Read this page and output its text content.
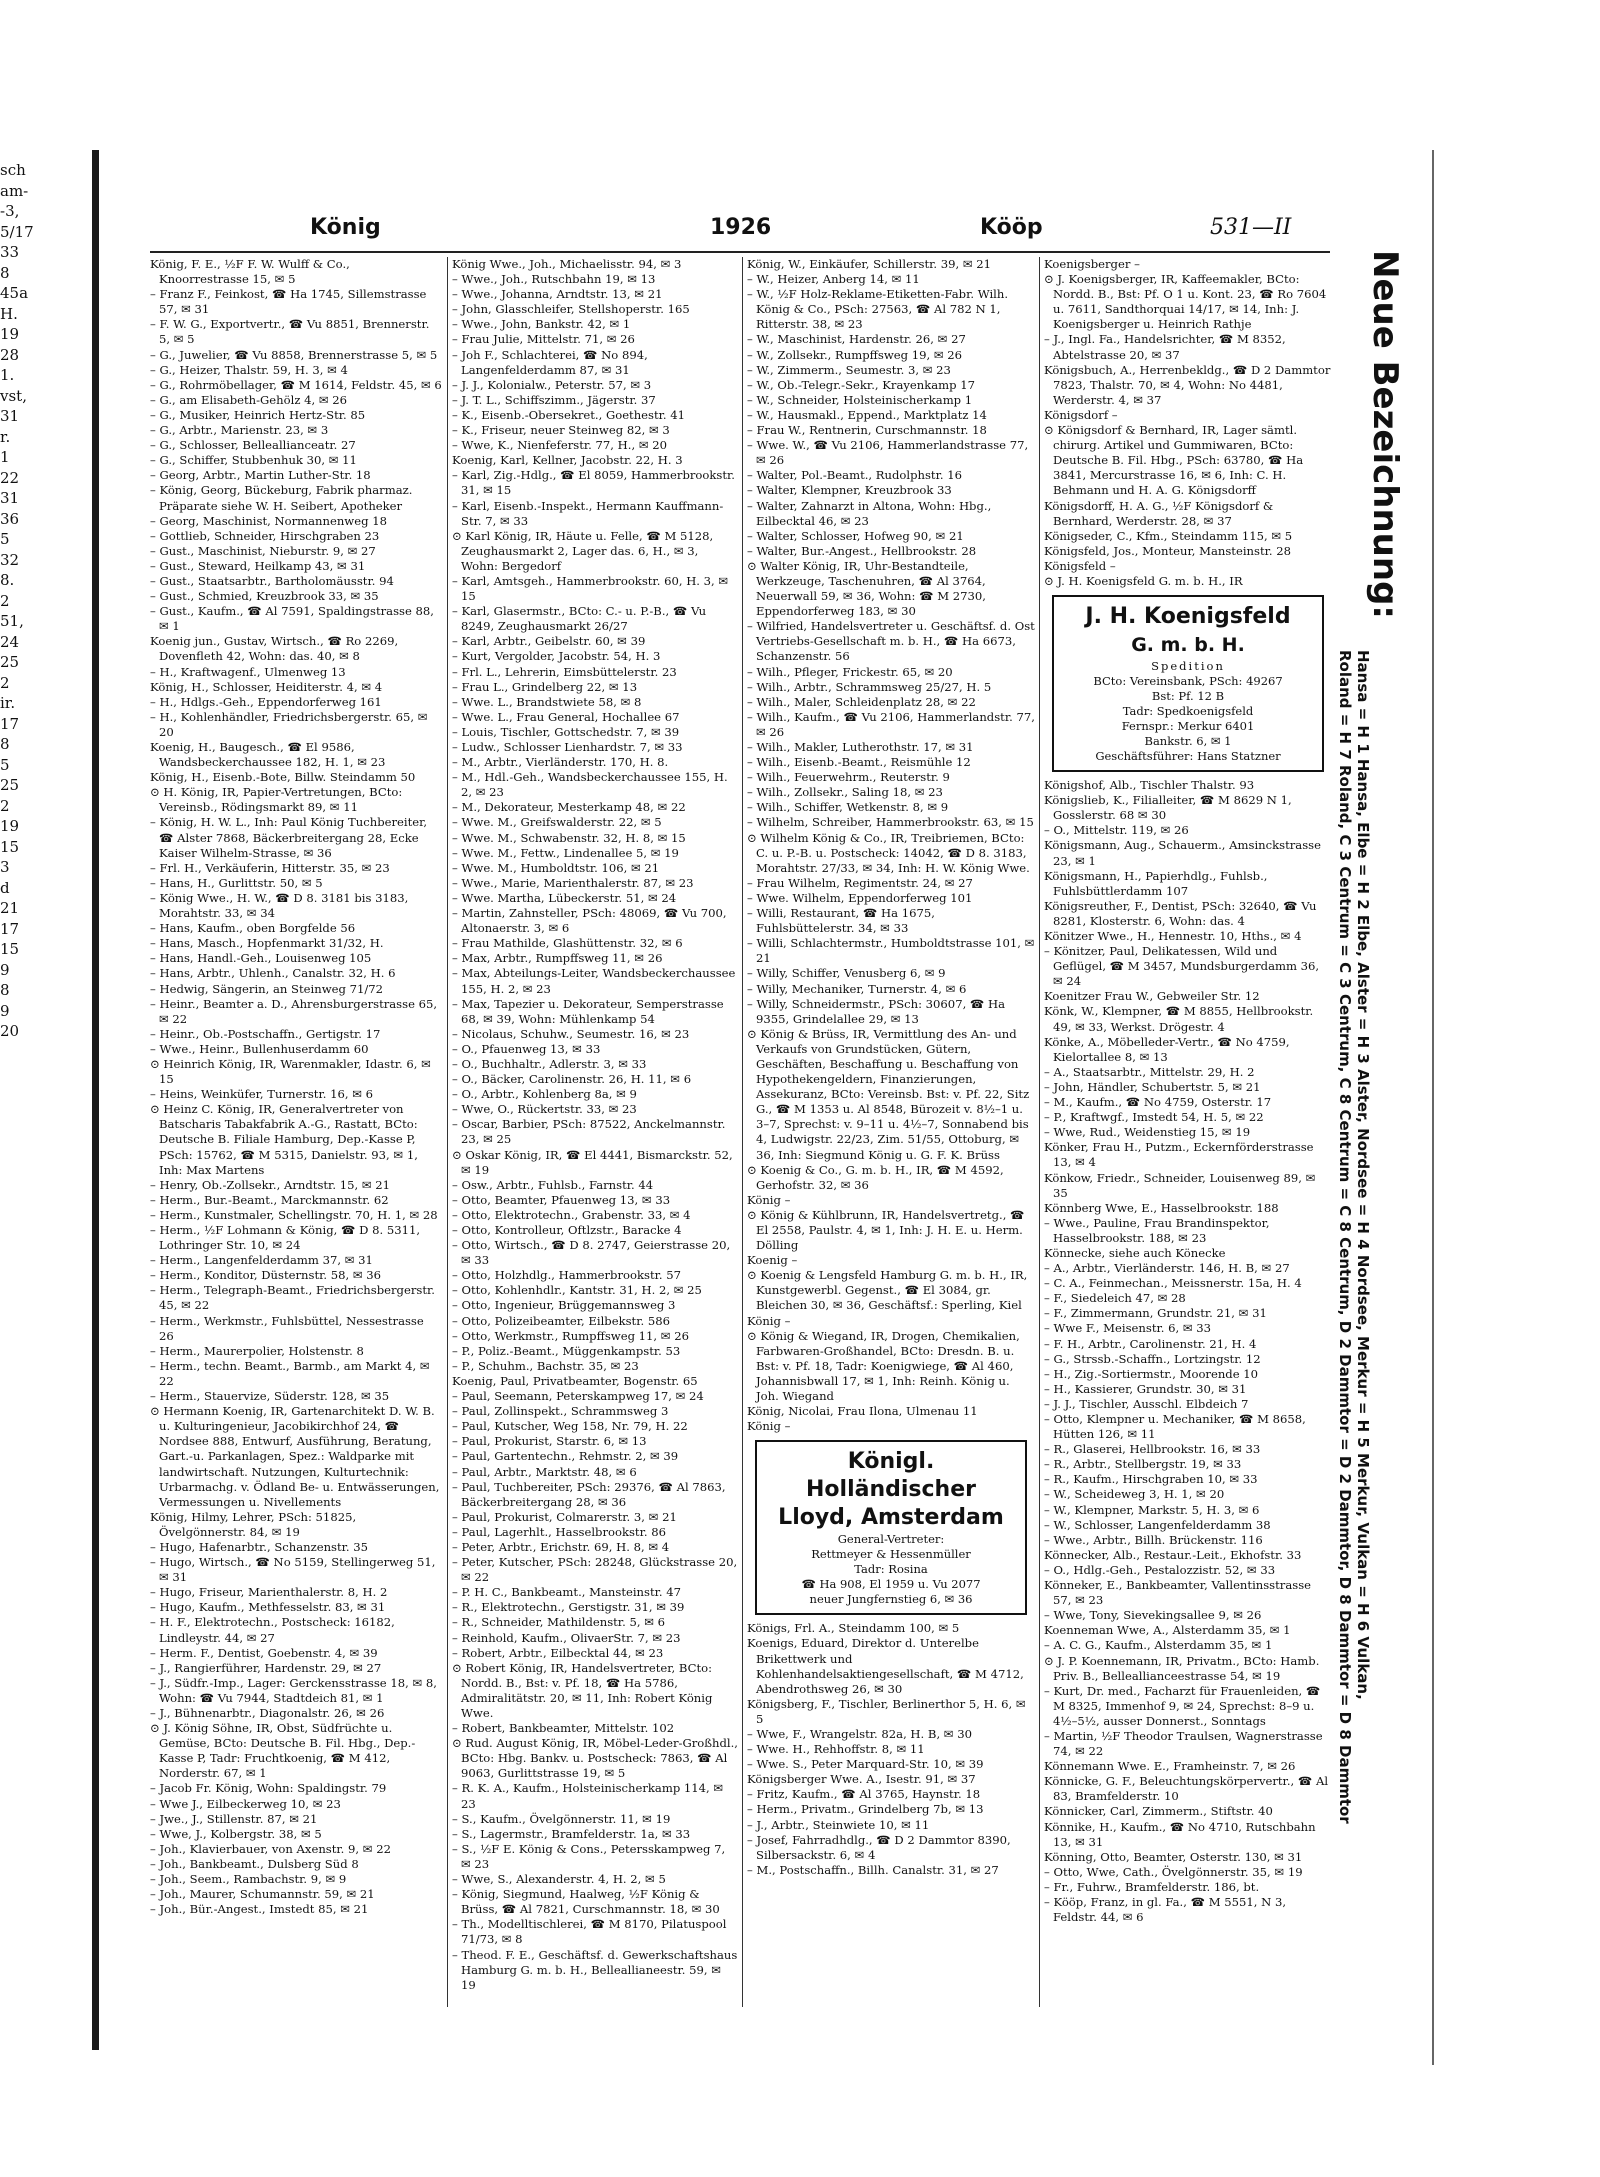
sch
am-
-3,
5/17
33
8
45a
H.
19
28
1.
vst,
31
r.
1
22
31
36
5
32
8.
2
51,
24
25
2
ir.
17
8
5
25
2
19
15
3
d
21
17
15
9
8
9
20
König	1926	Kööp	531—II

König, F. E., ½F F. W. Wulff & Co., Knoorrestrasse 15, ✉ 5

– Franz F., Feinkost, ☎ Ha 1745, Sillemstrasse 57, ✉ 31

– F. W. G., Exportvertr., ☎ Vu 8851, Brennerstr. 5, ✉ 5

– G., Juwelier, ☎ Vu 8858, Brennerstrasse 5, ✉ 5

– G., Heizer, Thalstr. 59, H. 3, ✉ 4

– G., Rohrmöbellager, ☎ M 1614, Feldstr. 45, ✉ 6

– G., am Elisabeth-Gehölz 4, ✉ 26

– G., Musiker, Heinrich Hertz-Str. 85

– G., Arbtr., Marienstr. 23, ✉ 3

– G., Schlosser, Belleallianceatr. 27

– G., Schiffer, Stubbenhuk 30, ✉ 11

– Georg, Arbtr., Martin Luther-Str. 18

– König, Georg, Bückeburg, Fabrik pharmaz. Präparate siehe W. H. Seibert, Apotheker

– Georg, Maschinist, Normannenweg 18

– Gottlieb, Schneider, Hirschgraben 23

– Gust., Maschinist, Nieburstr. 9, ✉ 27

– Gust., Steward, Heilkamp 43, ✉ 31

– Gust., Staatsarbtr., Bartholomäusstr. 94

– Gust., Schmied, Kreuzbrook 33, ✉ 35

– Gust., Kaufm., ☎ Al 7591, Spaldingstrasse 88, ✉ 1

Koenig jun., Gustav, Wirtsch., ☎ Ro 2269, Dovenfleth 42, Wohn: das. 40, ✉ 8

– H., Kraftwagenf., Ulmenweg 13

König, H., Schlosser, Heiditerstr. 4, ✉ 4

– H., Hdlgs.-Geh., Eppendorferweg 161

– H., Kohlenhändler, Friedrichsbergerstr. 65, ✉ 20

Koenig, H., Baugesch., ☎ El 9586, Wandsbeckerchaussee 182, H. 1, ✉ 23

König, H., Eisenb.-Bote, Billw. Steindamm 50

⊙ H. König, IR, Papier-Vertretungen, BCto: Vereinsb., Rödingsmarkt 89, ✉ 11

– König, H. W. L., Inh: Paul König Tuchbereiter, ☎ Alster 7868, Bäckerbreitergang 28, Ecke Kaiser Wilhelm-Strasse, ✉ 36

– Frl. H., Verkäuferin, Hitterstr. 35, ✉ 23

– Hans, H., Gurlittstr. 50, ✉ 5

– König Wwe., H. W., ☎ D 8. 3181 bis 3183, Morahtstr. 33, ✉ 34

– Hans, Kaufm., oben Borgfelde 56

– Hans, Masch., Hopfenmarkt 31/32, H.

– Hans, Handl.-Geh., Louisenweg 105

– Hans, Arbtr., Uhlenh., Canalstr. 32, H. 6

– Hedwig, Sängerin, an Steinweg 71/72

– Heinr., Beamter a. D., Ahrensburgerstrasse 65, ✉ 22

– Heinr., Ob.-Postschaffn., Gertigstr. 17

– Wwe., Heinr., Bullenhuserdamm 60

⊙ Heinrich König, IR, Warenmakler, Idastr. 6, ✉ 15

– Heins, Weinküfer, Turnerstr. 16, ✉ 6

⊙ Heinz C. König, IR, Generalvertreter von Batscharis Tabakfabrik A.-G., Rastatt, BCto: Deutsche B. Filiale Hamburg, Dep.-Kasse P, PSch: 15762, ☎ M 5315, Danielstr. 93, ✉ 1, Inh: Max Martens

– Henry, Ob.-Zollsekr., Arndtstr. 15, ✉ 21

– Herm., Bur.-Beamt., Marckmannstr. 62

– Herm., Kunstmaler, Schellingstr. 70, H. 1, ✉ 28

– Herm., ½F Lohmann & König, ☎ D 8. 5311, Lothringer Str. 10, ✉ 24

– Herm., Langenfelderdamm 37, ✉ 31

– Herm., Konditor, Düsternstr. 58, ✉ 36

– Herm., Telegraph-Beamt., Friedrichsbergerstr. 45, ✉ 22

– Herm., Werkmstr., Fuhlsbüttel, Nessestrasse 26

– Herm., Maurerpolier, Holstenstr. 8

– Herm., techn. Beamt., Barmb., am Markt 4, ✉ 22

– Herm., Stauervize, Süderstr. 128, ✉ 35

⊙ Hermann Koenig, IR, Gartenarchitekt D. W. B. u. Kulturingenieur, Jacobikirchhof 24, ☎ Nordsee 888, Entwurf, Ausführung, Beratung, Gart.-u. Parkanlagen, Spez.: Waldparke mit landwirtschaft. Nutzungen, Kulturtechnik: Urbarmachg. v. Ödland Be- u. Entwässerungen, Vermessungen u. Nivellements

König, Hilmy, Lehrer, PSch: 51825, Övelgönnerstr. 84, ✉ 19

– Hugo, Hafenarbtr., Schanzenstr. 35

– Hugo, Wirtsch., ☎ No 5159, Stellingerweg 51, ✉ 31

– Hugo, Friseur, Marienthalerstr. 8, H. 2

– Hugo, Kaufm., Methfesselstr. 83, ✉ 31

– H. F., Elektrotechn., Postscheck: 16182, Lindleystr. 44, ✉ 27

– Herm. F., Dentist, Goebenstr. 4, ✉ 39

– J., Rangierführer, Hardenstr. 29, ✉ 27

– J., Südfr.-Imp., Lager: Gerckensstrasse 18, ✉ 8, Wohn: ☎ Vu 7944, Stadtdeich 81, ✉ 1

– J., Bühnenarbtr., Diagonalstr. 26, ✉ 26

⊙ J. König Söhne, IR, Obst, Südfrüchte u. Gemüse, BCto: Deutsche B. Fil. Hbg., Dep.-Kasse P, Tadr: Fruchtkoenig, ☎ M 412, Norderstr. 67, ✉ 1

– Jacob Fr. König, Wohn: Spaldingstr. 79

– Wwe J., Eilbeckerweg 10, ✉ 23

– Jwe., J., Stillenstr. 87, ✉ 21

– Wwe, J., Kolbergstr. 38, ✉ 5

– Joh., Klavierbauer, von Axenstr. 9, ✉ 22

– Joh., Bankbeamt., Dulsberg Süd 8

– Joh., Seem., Rambachstr. 9, ✉ 9

– Joh., Maurer, Schumannstr. 59, ✉ 21

– Joh., Bür.-Angest., Imstedt 85, ✉ 21

König Wwe., Joh., Michaelisstr. 94, ✉ 3

– Wwe., Joh., Rutschbahn 19, ✉ 13

– Wwe., Johanna, Arndtstr. 13, ✉ 21

– John, Glasschleifer, Stellshoperstr. 165

– Wwe., John, Bankstr. 42, ✉ 1

– Frau Julie, Mittelstr. 71, ✉ 26

– Joh F., Schlachterei, ☎ No 894, Langenfelderdamm 87, ✉ 31

– J. J., Kolonialw., Peterstr. 57, ✉ 3

– J. T. L., Schiffszimm., Jägerstr. 37

– K., Eisenb.-Obersekret., Goethestr. 41

– K., Friseur, neuer Steinweg 82, ✉ 3

– Wwe, K., Nienfeferstr. 77, H., ✉ 20

Koenig, Karl, Kellner, Jacobstr. 22, H. 3

– Karl, Zig.-Hdlg., ☎ El 8059, Hammerbrookstr. 31, ✉ 15

– Karl, Eisenb.-Inspekt., Hermann Kauffmann-Str. 7, ✉ 33

⊙ Karl König, IR, Häute u. Felle, ☎ M 5128, Zeughausmarkt 2, Lager das. 6, H., ✉ 3, Wohn: Bergedorf

– Karl, Amtsgeh., Hammerbrookstr. 60, H. 3, ✉ 15

– Karl, Glasermstr., BCto: C.- u. P.-B., ☎ Vu 8249, Zeughausmarkt 26/27

– Karl, Arbtr., Geibelstr. 60, ✉ 39

– Kurt, Vergolder, Jacobstr. 54, H. 3

– Frl. L., Lehrerin, Eimsbüttelerstr. 23

– Frau L., Grindelberg 22, ✉ 13

– Wwe. L., Brandstwiete 58, ✉ 8

– Wwe. L., Frau General, Hochallee 67

– Louis, Tischler, Gottschedstr. 7, ✉ 39

– Ludw., Schlosser Lienhardstr. 7, ✉ 33

– M., Arbtr., Vierländerstr. 170, H. 8.

– M., Hdl.-Geh., Wandsbeckerchaussee 155, H. 2, ✉ 23

– M., Dekorateur, Mesterkamp 48, ✉ 22

– Wwe. M., Greifswalderstr. 22, ✉ 5

– Wwe. M., Schwabenstr. 32, H. 8, ✉ 15

– Wwe. M., Fettw., Lindenallee 5, ✉ 19

– Wwe. M., Humboldtstr. 106, ✉ 21

– Wwe., Marie, Marienthalerstr. 87, ✉ 23

– Wwe. Martha, Lübeckerstr. 51, ✉ 24

– Martin, Zahnsteller, PSch: 48069, ☎ Vu 700, Altonaerstr. 3, ✉ 6

– Frau Mathilde, Glashüttenstr. 32, ✉ 6

– Max, Arbtr., Rumpffsweg 11, ✉ 26

– Max, Abteilungs-Leiter, Wandsbeckerchaussee 155, H. 2, ✉ 23

– Max, Tapezier u. Dekorateur, Semperstrasse 68, ✉ 39, Wohn: Mühlenkamp 54

– Nicolaus, Schuhw., Seumestr. 16, ✉ 23

– O., Pfauenweg 13, ✉ 33

– O., Buchhaltr., Adlerstr. 3, ✉ 33

– O., Bäcker, Carolinenstr. 26, H. 11, ✉ 6

– O., Arbtr., Kohlenberg 8a, ✉ 9

– Wwe, O., Rückertstr. 33, ✉ 23

– Oscar, Barbier, PSch: 87522, Anckelmannstr. 23, ✉ 25

⊙ Oskar König, IR, ☎ El 4441, Bismarckstr. 52, ✉ 19

– Osw., Arbtr., Fuhlsb., Farnstr. 44

– Otto, Beamter, Pfauenweg 13, ✉ 33

– Otto, Elektrotechn., Grabenstr. 33, ✉ 4

– Otto, Kontrolleur, Oftlzstr., Baracke 4

– Otto, Wirtsch., ☎ D 8. 2747, Geierstrasse 20, ✉ 33

– Otto, Holzhdlg., Hammerbrookstr. 57

– Otto, Kohlenhdlr., Kantstr. 31, H. 2, ✉ 25

– Otto, Ingenieur, Brüggemannsweg 3

– Otto, Polizeibeamter, Eilbekstr. 586

– Otto, Werkmstr., Rumpffsweg 11, ✉ 26

– P., Poliz.-Beamt., Müggenkampstr. 53

– P., Schuhm., Bachstr. 35, ✉ 23

Koenig, Paul, Privatbeamter, Bogenstr. 65

– Paul, Seemann, Peterskampweg 17, ✉ 24

– Paul, Zollinspekt., Schrammsweg 3

– Paul, Kutscher, Weg 158, Nr. 79, H. 22

– Paul, Prokurist, Starstr. 6, ✉ 13

– Paul, Gartentechn., Rehmstr. 2, ✉ 39

– Paul, Arbtr., Marktstr. 48, ✉ 6

– Paul, Tuchbereiter, PSch: 29376, ☎ Al 7863, Bäckerbreitergang 28, ✉ 36

– Paul, Prokurist, Colmarerstr. 3, ✉ 21

– Paul, Lagerhlt., Hasselbrookstr. 86

– Peter, Arbtr., Erichstr. 69, H. 8, ✉ 4

– Peter, Kutscher, PSch: 28248, Glückstrasse 20, ✉ 22

– P. H. C., Bankbeamt., Mansteinstr. 47

– R., Elektrotechn., Gerstigstr. 31, ✉ 39

– R., Schneider, Mathildenstr. 5, ✉ 6

– Reinhold, Kaufm., OlivaerStr. 7, ✉ 23

– Robert, Arbtr., Eilbecktal 44, ✉ 23

⊙ Robert König, IR, Handelsvertreter, BCto: Nordd. B., Bst: v. Pf. 18, ☎ Ha 5786, Admiralitätstr. 20, ✉ 11, Inh: Robert König Wwe.

– Robert, Bankbeamter, Mittelstr. 102

⊙ Rud. August König, IR, Möbel-Leder-Großhdl., BCto: Hbg. Bankv. u. Postscheck: 7863, ☎ Al 9063, Gurlittstrasse 19, ✉ 5

– R. K. A., Kaufm., Holsteinischerkamp 114, ✉ 23

– S., Kaufm., Övelgönnerstr. 11, ✉ 19

– S., Lagermstr., Bramfelderstr. 1a, ✉ 33

– S., ½F E. König & Cons., Petersskampweg 7, ✉ 23

– Wwe, S., Alexanderstr. 4, H. 2, ✉ 5

– König, Siegmund, Haalweg, ½F König & Brüss, ☎ Al 7821, Curschmannstr. 18, ✉ 30

– Th., Modelltischlerei, ☎ M 8170, Pilatuspool 71/73, ✉ 8

– Theod. F. E., Geschäftsf. d. Gewerkschaftshaus Hamburg G. m. b. H., Belleallianeestr. 59, ✉ 19

König, W., Einkäufer, Schillerstr. 39, ✉ 21

– W., Heizer, Anberg 14, ✉ 11

– W., ½F Holz-Reklame-Etiketten-Fabr. Wilh. König & Co., PSch: 27563, ☎ Al 782 N 1, Ritterstr. 38, ✉ 23

– W., Maschinist, Hardenstr. 26, ✉ 27

– W., Zollsekr., Rumpffsweg 19, ✉ 26

– W., Zimmerm., Seumestr. 3, ✉ 23

– W., Ob.-Telegr.-Sekr., Krayenkamp 17

– W., Schneider, Holsteinischerkamp 1

– W., Hausmakl., Eppend., Marktplatz 14

– Frau W., Rentnerin, Curschmannstr. 18

– Wwe. W., ☎ Vu 2106, Hammerlandstrasse 77, ✉ 26

– Walter, Pol.-Beamt., Rudolphstr. 16

– Walter, Klempner, Kreuzbrook 33

– Walter, Zahnarzt in Altona, Wohn: Hbg., Eilbecktal 46, ✉ 23

– Walter, Schlosser, Hofweg 90, ✉ 21

– Walter, Bur.-Angest., Hellbrookstr. 28

⊙ Walter König, IR, Uhr-Bestandteile, Werkzeuge, Taschenuhren, ☎ Al 3764, Neuerwall 59, ✉ 36, Wohn: ☎ M 2730, Eppendorferweg 183, ✉ 30

– Wilfried, Handelsvertreter u. Geschäftsf. d. Ost Vertriebs-Gesellschaft m. b. H., ☎ Ha 6673, Schanzenstr. 56

– Wilh., Pfleger, Frickestr. 65, ✉ 20

– Wilh., Arbtr., Schrammsweg 25/27, H. 5

– Wilh., Maler, Schleidenplatz 28, ✉ 22

– Wilh., Kaufm., ☎ Vu 2106, Hammerlandstr. 77, ✉ 26

– Wilh., Makler, Lutherothstr. 17, ✉ 31

– Wilh., Eisenb.-Beamt., Reismühle 12

– Wilh., Feuerwehrm., Reuterstr. 9

– Wilh., Zollsekr., Saling 18, ✉ 23

– Wilh., Schiffer, Wetkenstr. 8, ✉ 9

– Wilhelm, Schreiber, Hammerbrookstr. 63, ✉ 15

⊙ Wilhelm König & Co., IR, Treibriemen, BCto: C. u. P.-B. u. Postscheck: 14042, ☎ D 8. 3183, Morahtstr. 27/33, ✉ 34, Inh: H. W. König Wwe.

– Frau Wilhelm, Regimentstr. 24, ✉ 27

– Wwe. Wilhelm, Eppendorferweg 101

– Willi, Restaurant, ☎ Ha 1675, Fuhlsbüttelerstr. 34, ✉ 33

– Willi, Schlachtermstr., Humboldtstrasse 101, ✉ 21

– Willy, Schiffer, Venusberg 6, ✉ 9

– Willy, Mechaniker, Turnerstr. 4, ✉ 6

– Willy, Schneidermstr., PSch: 30607, ☎ Ha 9355, Grindelallee 29, ✉ 13

⊙ König & Brüss, IR, Vermittlung des An- und Verkaufs von Grundstücken, Gütern, Geschäften, Beschaffung u. Beschaffung von Hypothekengeldern, Finanzierungen, Assekuranz, BCto: Vereinsb. Bst: v. Pf. 22, Sitz G., ☎ M 1353 u. Al 8548, Bürozeit v. 8½–1 u. 3–7, Sprechst: v. 9–11 u. 4½–7, Sonnabend bis 4, Ludwigstr. 22/23, Zim. 51/55, Ottoburg, ✉ 36, Inh: Siegmund König u. G. F. K. Brüss

⊙ Koenig & Co., G. m. b. H., IR, ☎ M 4592, Gerhofstr. 32, ✉ 36

König –

⊙ König & Kühlbrunn, IR, Handelsvertretg., ☎ El 2558, Paulstr. 4, ✉ 1, Inh: J. H. E. u. Herm. Dölling

Koenig –

⊙ Koenig & Lengsfeld Hamburg G. m. b. H., IR, Kunstgewerbl. Gegenst., ☎ El 3084, gr. Bleichen 30, ✉ 36, Geschäftsf.: Sperling, Kiel

König –

⊙ König & Wiegand, IR, Drogen, Chemikalien, Farbwaren-Großhandel, BCto: Dresdn. B. u. Bst: v. Pf. 18, Tadr: Koenigwiege, ☎ Al 460, Johannisbwall 17, ✉ 1, Inh: Reinh. König u. Joh. Wiegand

König, Nicolai, Frau Ilona, Ulmenau 11

König –

Königl. Holländischer
Lloyd, Amsterdam
General-Vertreter:
Rettmeyer & Hessenmüller
Tadr: Rosina
☎ Ha 908, El 1959 u. Vu 2077
neuer Jungfernstieg 6, ✉ 36

Königs, Frl. A., Steindamm 100, ✉ 5

Koenigs, Eduard, Direktor d. Unterelbe Brikettwerk und Kohlenhandelsaktiengesellschaft, ☎ M 4712, Abendrothsweg 26, ✉ 30

Königsberg, F., Tischler, Berlinerthor 5, H. 6, ✉ 5

– Wwe, F., Wrangelstr. 82a, H. B, ✉ 30

– Wwe. H., Rehhoffstr. 8, ✉ 11

– Wwe. S., Peter Marquard-Str. 10, ✉ 39

Königsberger Wwe. A., Isestr. 91, ✉ 37

– Fritz, Kaufm., ☎ Al 3765, Haynstr. 18

– Herm., Privatm., Grindelberg 7b, ✉ 13

– J., Arbtr., Steinwiete 10, ✉ 11

– Josef, Fahrradhdlg., ☎ D 2 Dammtor 8390, Silbersackstr. 6, ✉ 4

– M., Postschaffn., Billh. Canalstr. 31, ✉ 27

Koenigsberger –

⊙ J. Koenigsberger, IR, Kaffeemakler, BCto: Nordd. B., Bst: Pf. O 1 u. Kont. 23, ☎ Ro 7604 u. 7611, Sandthorquai 14/17, ✉ 14, Inh: J. Koenigsberger u. Heinrich Rathje

– J., Ingl. Fa., Handelsrichter, ☎ M 8352, Abtelstrasse 20, ✉ 37

Königsbuch, A., Herrenbekldg., ☎ D 2 Dammtor 7823, Thalstr. 70, ✉ 4, Wohn: No 4481, Werderstr. 4, ✉ 37

Königsdorf –

⊙ Königsdorf & Bernhard, IR, Lager sämtl. chirurg. Artikel und Gummiwaren, BCto: Deutsche B. Fil. Hbg., PSch: 63780, ☎ Ha 3841, Mercurstrasse 16, ✉ 6, Inh: C. H. Behmann und H. A. G. Königsdorff

Königsdorff, H. A. G., ½F Königsdorf & Bernhard, Werderstr. 28, ✉ 37

Königseder, C., Kfm., Steindamm 115, ✉ 5

Königsfeld, Jos., Monteur, Mansteinstr. 28

Königsfeld –

⊙ J. H. Koenigsfeld G. m. b. H., IR

J. H. Koenigsfeld
G. m. b. H.
Spedition
BCto: Vereinsbank, PSch: 49267
Bst: Pf. 12 B
Tadr: Spedkoenigsfeld
Fernspr.: Merkur 6401
Bankstr. 6, ✉ 1
Geschäftsführer: Hans Statzner

Königshof, Alb., Tischler Thalstr. 93

Königslieb, K., Filialleiter, ☎ M 8629 N 1, Gosslerstr. 68 ✉ 30

– O., Mittelstr. 119, ✉ 26

Königsmann, Aug., Schauerm., Amsinckstrasse 23, ✉ 1

Königsmann, H., Papierhdlg., Fuhlsb., Fuhlsbüttlerdamm 107

Königsreuther, F., Dentist, PSch: 32640, ☎ Vu 8281, Klosterstr. 6, Wohn: das. 4

Könitzer Wwe., H., Hennestr. 10, Hths., ✉ 4

– Könitzer, Paul, Delikatessen, Wild und Geflügel, ☎ M 3457, Mundsburgerdamm 36, ✉ 24

Koenitzer Frau W., Gebweiler Str. 12

Könk, W., Klempner, ☎ M 8855, Hellbrookstr. 49, ✉ 33, Werkst. Drögestr. 4

Könke, A., Möbelleder-Vertr., ☎ No 4759, Kielortallee 8, ✉ 13

– A., Staatsarbtr., Mittelstr. 29, H. 2

– John, Händler, Schubertstr. 5, ✉ 21

– M., Kaufm., ☎ No 4759, Osterstr. 17

– P., Kraftwgf., Imstedt 54, H. 5, ✉ 22

– Wwe, Rud., Weidenstieg 15, ✉ 19

Könker, Frau H., Putzm., Eckernförderstrasse 13, ✉ 4

Könkow, Friedr., Schneider, Louisenweg 89, ✉ 35

Könnberg Wwe, E., Hasselbrookstr. 188

– Wwe., Pauline, Frau Brandinspektor, Hasselbrookstr. 188, ✉ 23

Könnecke, siehe auch Könecke

– A., Arbtr., Vierländerstr. 146, H. B, ✉ 27

– C. A., Feinmechan., Meissnerstr. 15a, H. 4

– F., Siedeleich 47, ✉ 28

– F., Zimmermann, Grundstr. 21, ✉ 31

– Wwe F., Meisenstr. 6, ✉ 33

– F. H., Arbtr., Carolinenstr. 21, H. 4

– G., Strssb.-Schaffn., Lortzingstr. 12

– H., Zig.-Sortiermstr., Moorende 10

– H., Kassierer, Grundstr. 30, ✉ 31

– J. J., Tischler, Ausschl. Elbdeich 7

– Otto, Klempner u. Mechaniker, ☎ M 8658, Hütten 126, ✉ 11

– R., Glaserei, Hellbrookstr. 16, ✉ 33

– R., Arbtr., Stellbergstr. 19, ✉ 33

– R., Kaufm., Hirschgraben 10, ✉ 33

– W., Scheideweg 3, H. 1, ✉ 20

– W., Klempner, Markstr. 5, H. 3, ✉ 6

– W., Schlosser, Langenfelderdamm 38

– Wwe., Arbtr., Billh. Brückenstr. 116

Könnecker, Alb., Restaur.-Leit., Ekhofstr. 33

– O., Hdlg.-Geh., Pestalozzistr. 52, ✉ 33

Könneker, E., Bankbeamter, Vallentinsstrasse 57, ✉ 23

– Wwe, Tony, Sievekingsallee 9, ✉ 26

Koenneman Wwe, A., Alsterdamm 35, ✉ 1

– A. C. G., Kaufm., Alsterdamm 35, ✉ 1

⊙ J. P. Koennemann, IR, Privatm., BCto: Hamb. Priv. B., Belleallianceestrasse 54, ✉ 19

– Kurt, Dr. med., Facharzt für Frauenleiden, ☎ M 8325, Immenhof 9, ✉ 24, Sprechst: 8–9 u. 4½–5½, ausser Donnerst., Sonntags

– Martin, ½F Theodor Traulsen, Wagnerstrasse 74, ✉ 22

Könnemann Wwe. E., Framheinstr. 7, ✉ 26

Könnicke, G. F., Beleuchtungskörpervertr., ☎ Al 83, Bramfelderstr. 10

Könnicker, Carl, Zimmerm., Stiftstr. 40

Könnike, H., Kaufm., ☎ No 4710, Rutschbahn 13, ✉ 31

Könning, Otto, Beamter, Osterstr. 130, ✉ 31

– Otto, Wwe, Cath., Övelgönnerstr. 35, ✉ 19

– Fr., Fuhrw., Bramfelderstr. 186, bt.

– Kööp, Franz, in gl. Fa., ☎ M 5551, N 3, Feldstr. 44, ✉ 6

Neue Bezeichnung:
Hansa = H 1 Hansa, Elbe = H 2 Elbe, Alster = H 3 Alster, Nordsee = H 4 Nordsee, Merkur = H 5 Merkur, Vulkan = H 6 Vulkan,
Roland = H 7 Roland, C 3 Centrum = C 3 Centrum, C 8 Centrum = C 8 Centrum, D 2 Dammtor = D 2 Dammtor, D 8 Dammtor = D 8 Dammtor
